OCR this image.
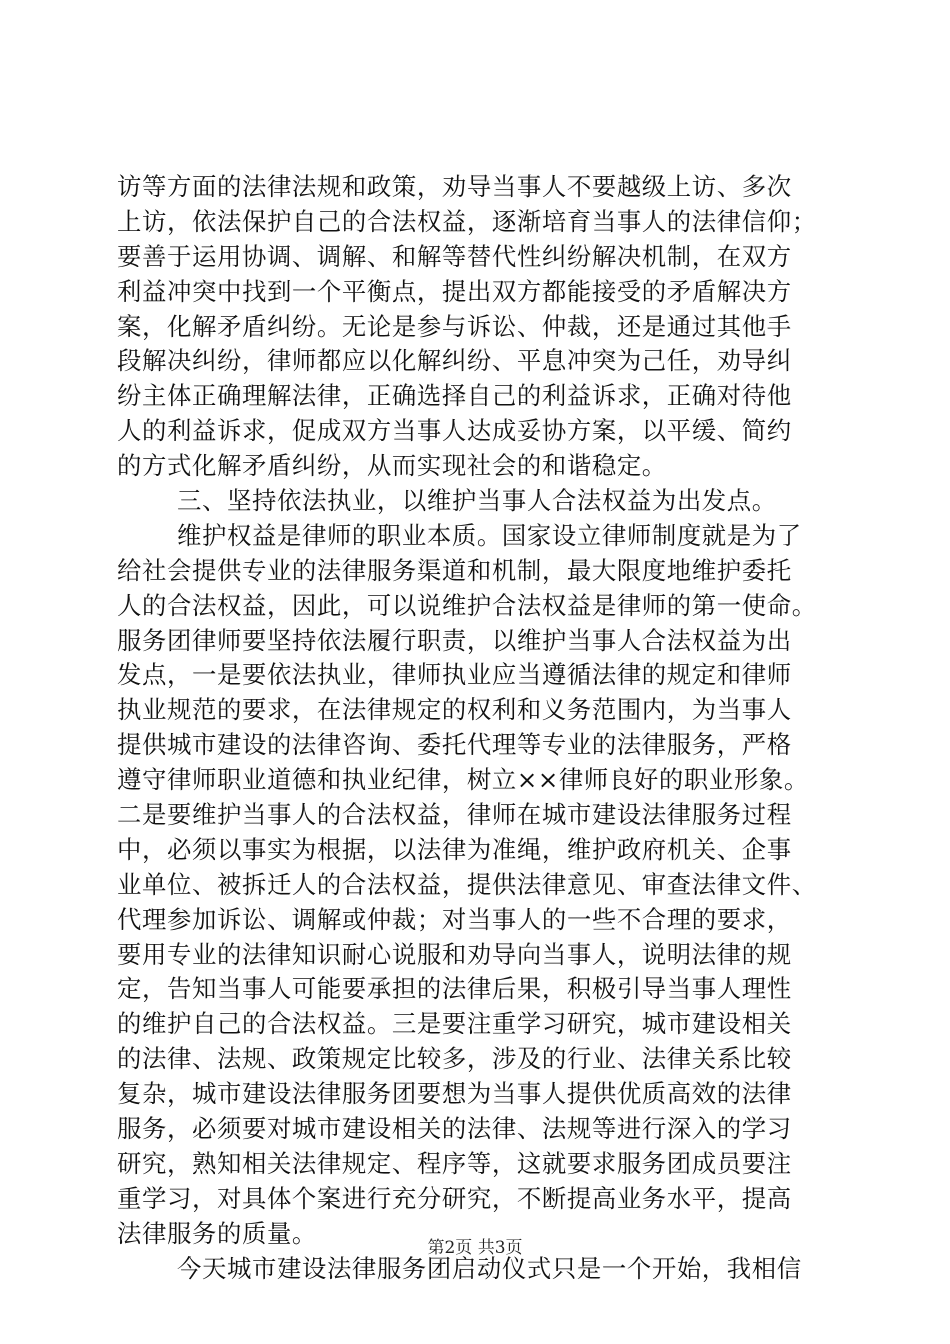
访等方面的法律法规和政策，劝导当事人不要越级上访、多次
上访，依法保护自己的合法权益，逐渐培育当事人的法律信仰；
要善于运用协调、调解、和解等替代性纠纷解决机制，在双方
利益冲突中找到一个平衡点，提出双方都能接受的矛盾解决方
案，化解矛盾纠纷。无论是参与诉讼、仲裁，还是通过其他手
段解决纠纷，律师都应以化解纠纷、平息冲突为己任，劝导纠
纷主体正确理解法律，正确选择自己的利益诉求，正确对待他
人的利益诉求，促成双方当事人达成妥协方案，以平缓、简约
的方式化解矛盾纠纷，从而实现社会的和谐稳定。
三、坚持依法执业，以维护当事人合法权益为出发点。
维护权益是律师的职业本质。国家设立律师制度就是为了
给社会提供专业的法律服务渠道和机制，最大限度地维护委托
人的合法权益，因此，可以说维护合法权益是律师的第一使命。
服务团律师要坚持依法履行职责，以维护当事人合法权益为出
发点，一是要依法执业，律师执业应当遵循法律的规定和律师
执业规范的要求，在法律规定的权利和义务范围内，为当事人
提供城市建设的法律咨询、委托代理等专业的法律服务，严格
遵守律师职业道德和执业纪律，树立××律师良好的职业形象。
二是要维护当事人的合法权益，律师在城市建设法律服务过程
中，必须以事实为根据，以法律为准绳，维护政府机关、企事
业单位、被拆迁人的合法权益，提供法律意见、审查法律文件、
代理参加诉讼、调解或仲裁；对当事人的一些不合理的要求，
要用专业的法律知识耐心说服和劝导向当事人，说明法律的规
定，告知当事人可能要承担的法律后果，积极引导当事人理性
的维护自己的合法权益。三是要注重学习研究，城市建设相关
的法律、法规、政策规定比较多，涉及的行业、法律关系比较
复杂，城市建设法律服务团要想为当事人提供优质高效的法律
服务，必须要对城市建设相关的法律、法规等进行深入的学习
研究，熟知相关法律规定、程序等，这就要求服务团成员要注
重学习，对具体个案进行充分研究，不断提高业务水平，提高
法律服务的质量。
今天城市建设法律服务团启动仪式只是一个开始，我相信
第2页 共3页
